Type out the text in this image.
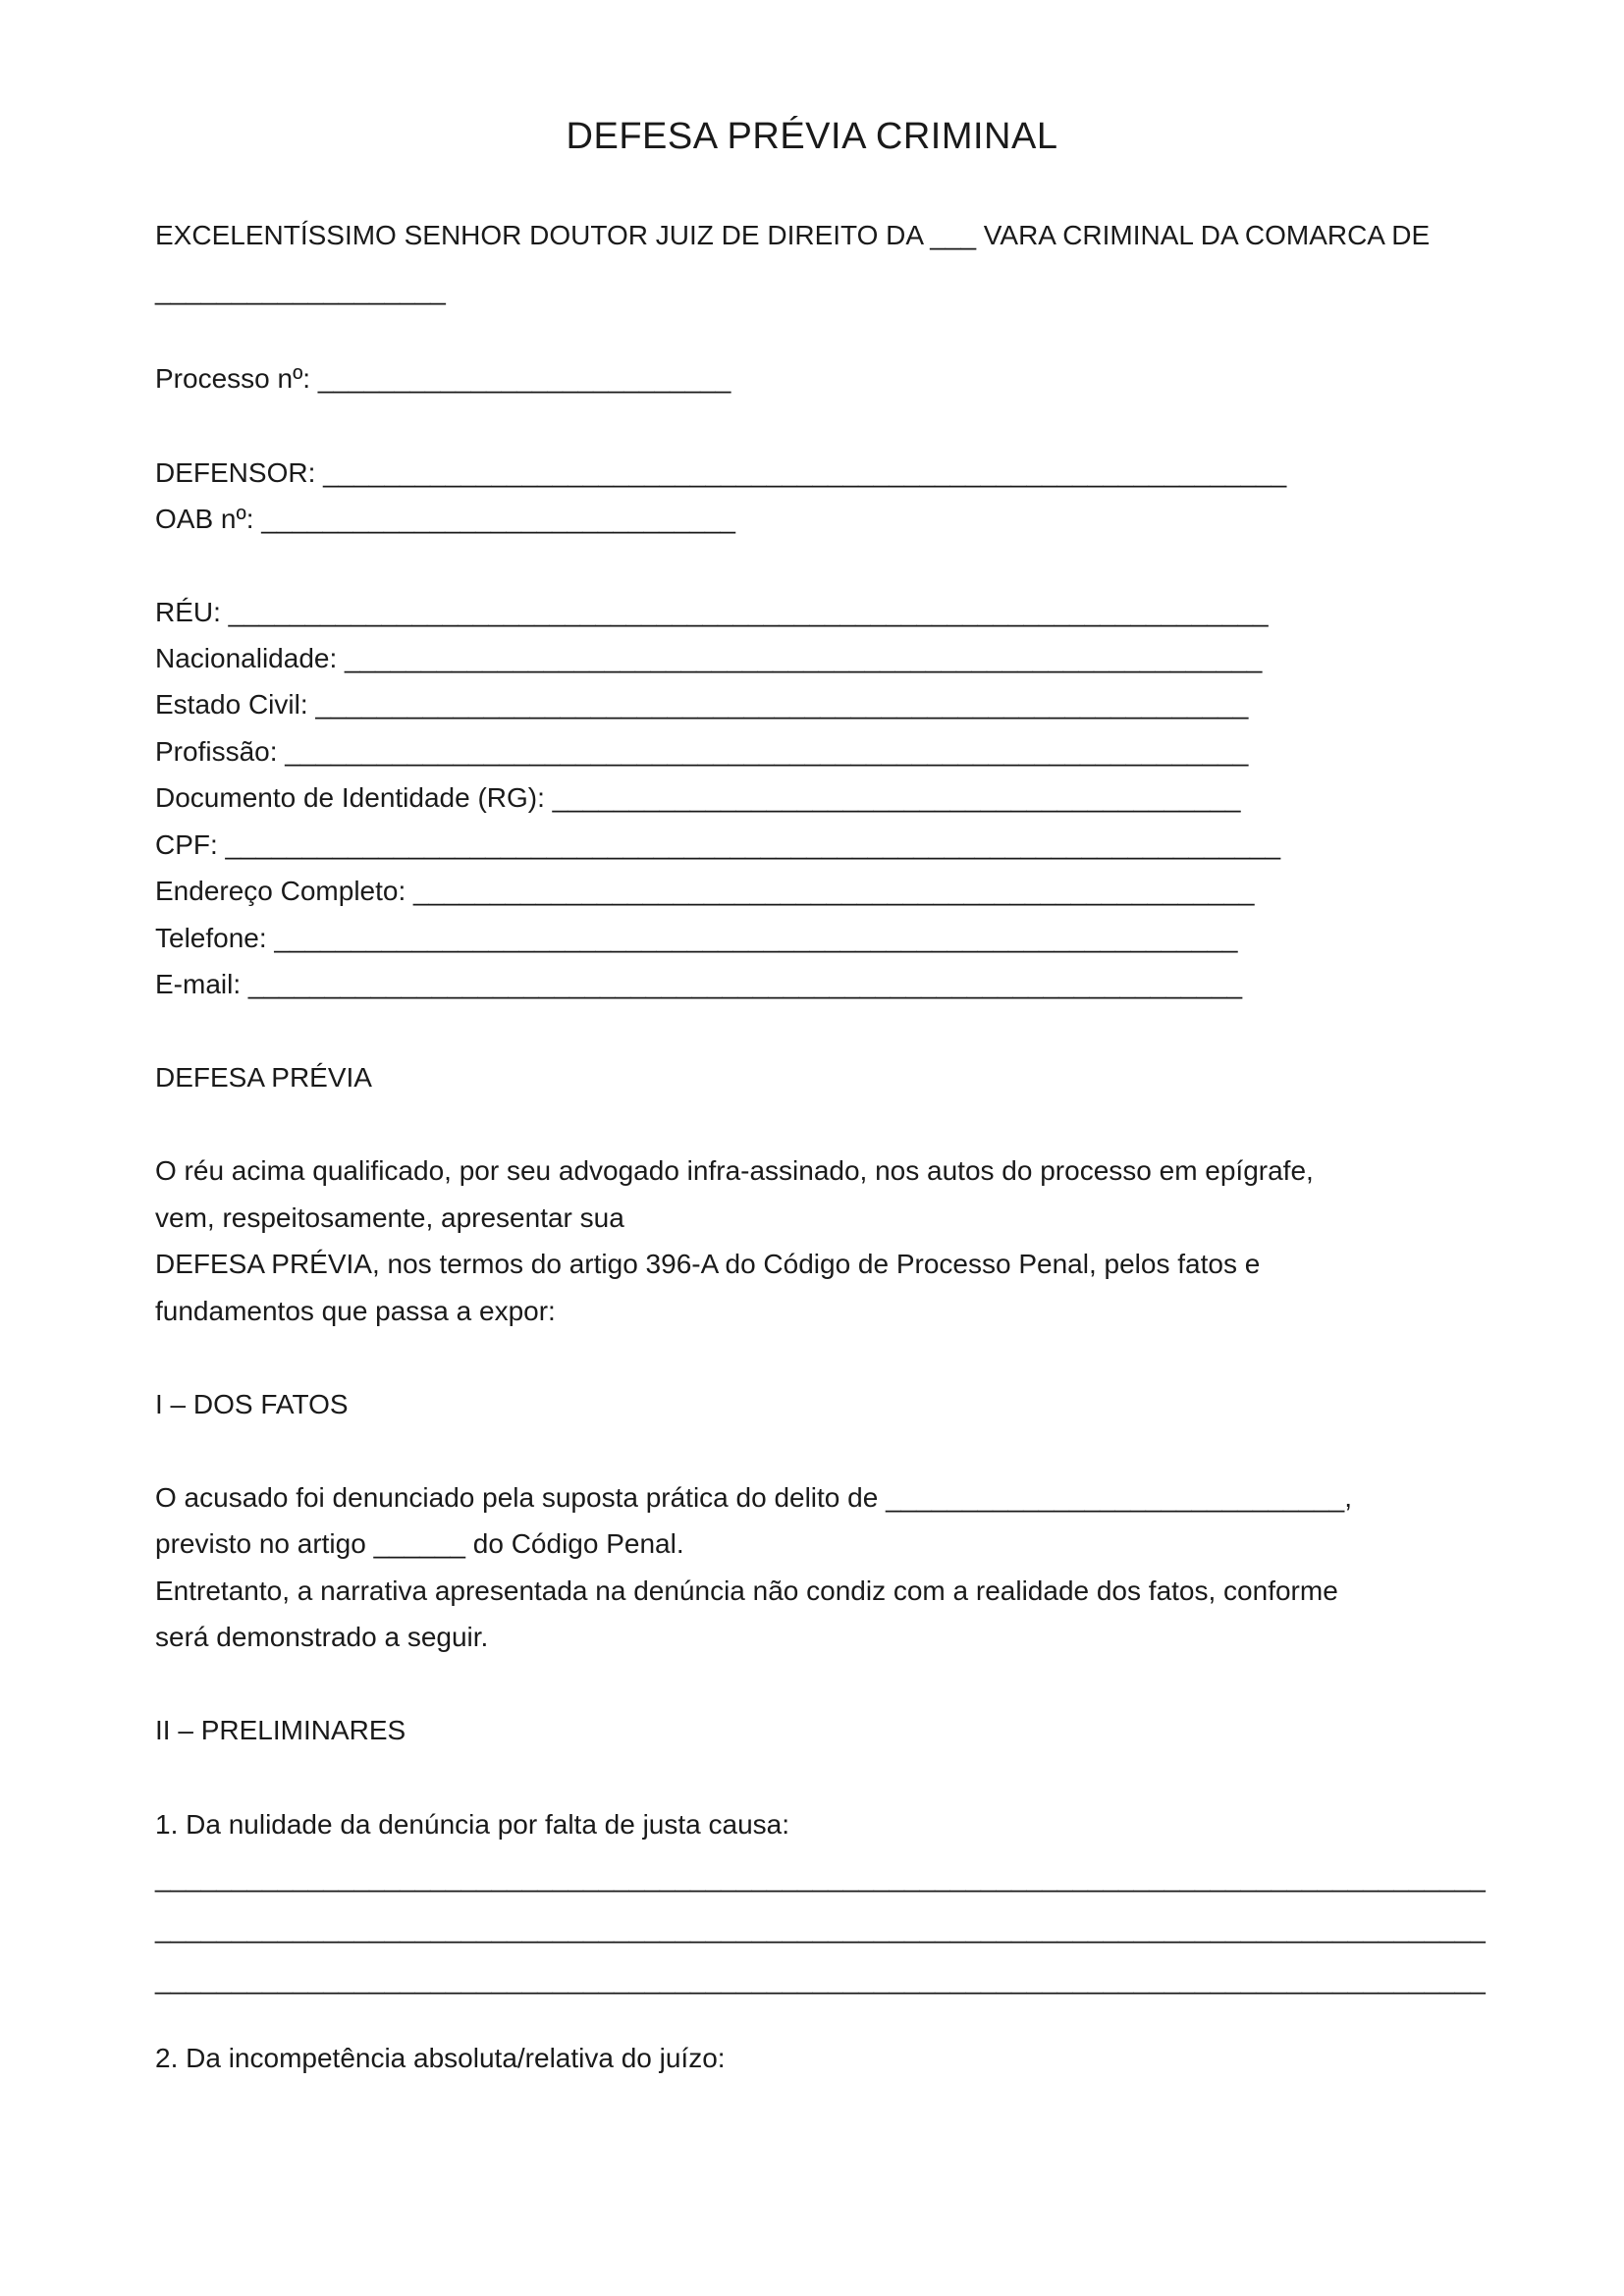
DEFESA PRÉVIA CRIMINAL
EXCELENTÍSSIMO SENHOR DOUTOR JUIZ DE DIREITO DA ___ VARA CRIMINAL DA COMARCA DE
___________________
Processo nº: ___________________________
DEFENSOR: _______________________________________________________________
OAB nº: _______________________________
RÉU: ____________________________________________________________________
Nacionalidade: ____________________________________________________________
Estado Civil: _____________________________________________________________
Profissão: _______________________________________________________________
Documento de Identidade (RG): _____________________________________________
CPF: _____________________________________________________________________
Endereço Completo: _______________________________________________________
Telefone: _______________________________________________________________
E-mail: _________________________________________________________________
DEFESA PRÉVIA
O réu acima qualificado, por seu advogado infra-assinado, nos autos do processo em epígrafe,
vem, respeitosamente, apresentar sua
DEFESA PRÉVIA, nos termos do artigo 396-A do Código de Processo Penal, pelos fatos e
fundamentos que passa a expor:
I – DOS FATOS
O acusado foi denunciado pela suposta prática do delito de ______________________________,
previsto no artigo ______ do Código Penal.
Entretanto, a narrativa apresentada na denúncia não condiz com a realidade dos fatos, conforme
será demonstrado a seguir.
II – PRELIMINARES
1. Da nulidade da denúncia por falta de justa causa:
_______________________________________________________________________________________
_______________________________________________________________________________________
_______________________________________________________________________________________
2. Da incompetência absoluta/relativa do juízo:
